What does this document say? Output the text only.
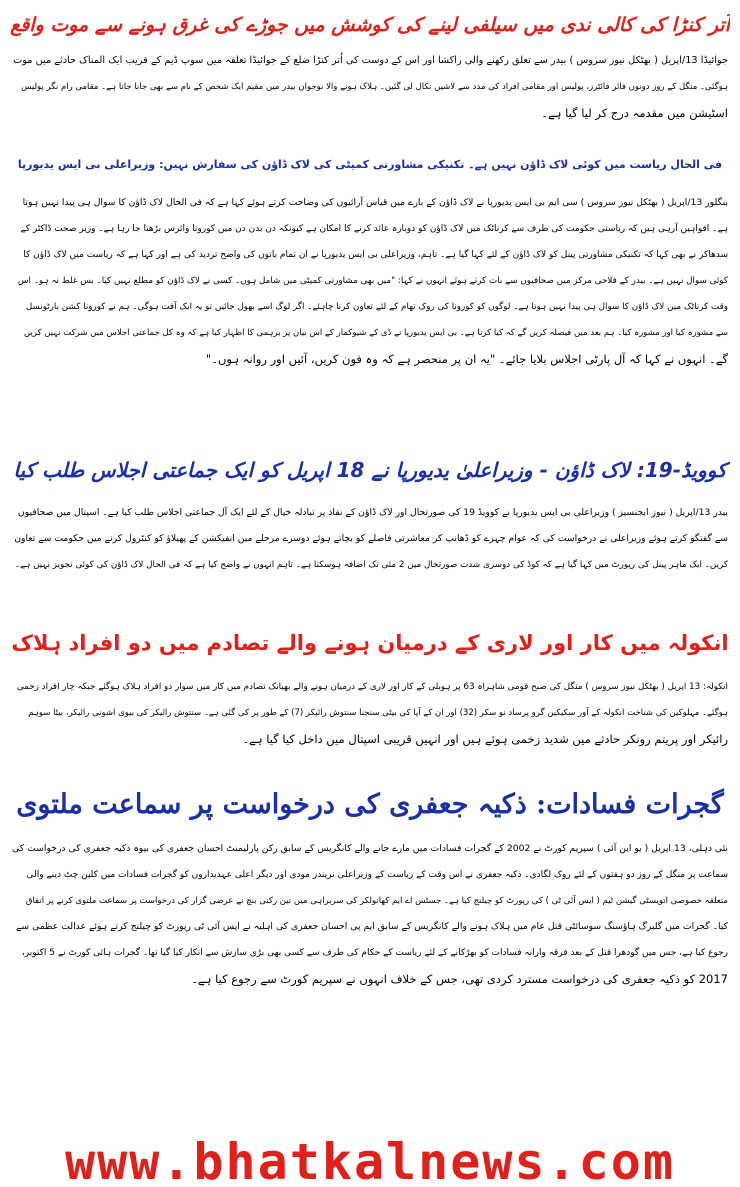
اُتر کنڑا کی کالی ندی میں سیلفی لینے کی کوشش میں جوڑے کی غرق ہونے سے موت واقع
جوائیڈا 13/اپریل ( بھٹکل نیوز سروس ) بیدر سے تعلق رکھنے والی راکشا اور اس کے دوست کی اُتر کنڑا ضلع کے جوائیڈا تعلقہ میں سوپ ڈیم کے قریب ایک المناک حادثے میں موت
ہوگئی۔ منگل کے روز دونوں فائر فائٹرز، پولیس اور مقامی افراد کی مدد سے لاشیں نکال لی گئیں۔ ہلاک ہونے والا نوجوان بیدر میں مقیم ایک شخص کے نام سے بھی جانا جاتا ہے۔ مقامی رام نگر پولیس
اسٹیشن میں مقدمہ درج کر لیا گیا ہے۔
فی الحال ریاست میں کوئی لاک ڈاؤن نہیں ہے۔ تکنیکی مشاورتی کمیٹی کی لاک ڈاؤن کی سفارش نہیں: وزیراعلی بی ایس یدیورپا
بنگلور 13/اپریل ( بھٹکل نیوز سروس ) سی ایم بی ایس یدیورپا نے لاک ڈاؤن کے بارے میں قیاس آرائیوں کی وضاحت کرتے ہوئے کہا ہے کہ فی الحال لاک ڈاؤن کا سوال ہی پیدا نہیں ہوتا
ہے۔ افواہیں آرہی ہیں کہ ریاستی حکومت کی طرف سے کرناٹک میں لاک ڈاؤن کو دوبارہ عائد کرنے کا امکان ہے کیونکہ دن بدن دن میں کورونا وائرس بڑھتا جا رہا ہے۔ وزیر صحت ڈاکٹر کے
سدھاکر نے بھی کہا کہ تکنیکی مشاورتی پینل کو لاک ڈاؤن کے لئے کہا گیا ہے۔ تاہم، وزیراعلی بی ایس یدیورپا نے ان تمام باتوں کی واضح تردید کی ہے اور کہا ہے کہ ریاست میں لاک ڈاؤن کا
کوئی سوال نہیں ہے۔ بیدر کے فلاحی مرکز میں صحافیوں سے بات کرتے ہوئے انہوں نے کہا: "میں بھی مشاورتی کمیٹی میں شامل ہوں۔ کسی نے لاک ڈاؤن کو مطلع نہیں کیا۔ بس غلط نہ ہو۔ اس
وقت کرناٹک میں لاک ڈاؤن کا سوال ہی پیدا نہیں ہوتا ہے۔ لوگوں کو کورونا کی روک تھام کے لئے تعاون کرنا چاہئے۔ اگر لوگ اسے بھول جائیں تو یہ ایک آفت ہوگی۔ ہم نے کورونا کشن بارٹونسل
سے مشورہ کیا اور مشورہ کیا۔ ہم بعد میں فیصلہ کریں گے کہ کیا کرنا ہے۔ بی ایس یدیورپا نے ڈی کے شیوکمار کے اس بیان پر برہمی کا اظہار کیا ہے کہ وہ کل جماعتی اجلاس میں شرکت نہیں کریں
گے۔ انہوں نے کہا کہ آل پارٹی اجلاس بلایا جائے۔ "یہ ان پر منحصر ہے کہ وہ فون کریں، آئیں اور روانہ ہوں۔"
کوویڈ-19: لاک ڈاؤن - وزیراعلیٰ یدیورپا نے 18 اپریل کو ایک جماعتی اجلاس طلب کیا
بیدر 13/اپریل ( نیوز ایجنسیز ) وزیراعلی بی ایس یدیورپا نے کوویڈ 19 کی صورتحال اور لاک ڈاؤن کے نفاذ پر تبادلہ خیال کے لئے ایک آل جماعتی اجلاس طلب کیا ہے۔ اسپتال میں صحافیوں
سے گفتگو کرتے ہوئے وزیراعلی نے درخواست کی کہ عوام چہرے کو ڈھانپ کر معاشرتی فاصلے کو بچاتے ہوئے دوسرے مرحلے میں انفیکشن کے پھیلاؤ کو کنٹرول کرنے میں حکومت سے تعاون
کریں۔ ایک ماہر پینل کی رپورٹ میں کہا گیا ہے کہ کوڈ کی دوسری شدت صورتحال میں 2 مئی تک اضافہ ہوسکتا ہے۔ تاہم انہوں نے واضح کیا ہے کہ فی الحال لاک ڈاؤن کی کوئی تجویز نہیں ہے۔
انکولہ میں کار اور لاری کے درمیان ہونے والے تصادم میں دو افراد ہلاک
انکولہ: 13 اپریل ( بھٹکل نیوز سروس ) منگل کی صبح قومی شاہراہ 63 پر ہوبلی کے کار اور لاری کے درمیان ہونے والے بھیانک تصادم میں کار میں سوار دو افراد ہلاک ہوگئے جبکہ چار افراد زخمی
ہوگئے۔ مہلوکین کی شناخت انکولہ کے آور سکیکین گرو پرساد نو سکر (32) اور ان کے آپا کی بیٹی سنجنا سنتوش رائیکر (7) کے طور پر کی گئی ہے۔ سنتوش رائیکر کی بیوی اشونی رائیکر، بیٹا سوہم
رائیکر اور پریتم رونکر حادثے میں شدید زخمی ہوئے ہیں اور انہیں قریبی اسپتال میں داخل کیا گیا ہے۔
گجرات فسادات: ذکیہ جعفری کی درخواست پر سماعت ملتوی
نئی دہلی، 13 اپریل ( یو این آئی ) سپریم کورٹ نے 2002 کے گجرات فسادات میں مارے جانے والے کانگریس کے سابق رکن پارلیمنٹ احسان جعفری کی بیوہ ذکیہ جعفری کی درخواست کی
سماعت پر منگل کے روز دو ہفتوں کے لئے روک لگادی۔ ذکیہ جعفری نے اس وقت کے ریاست کے وزیراعلی نریندر مودی اور دیگر اعلی عہدیداروں کو گجرات فسادات میں کلین چٹ دینے والی
متعلقہ خصوصی انویسٹی گیشن ٹیم ( ایس آئی ٹی ) کی رپورٹ کو چیلنج کیا ہے۔ جسٹس اے ایم کھانولکر کی سربراہی میں تین رکنی بنچ نے عرضی گزار کی درخواست پر سماعت ملتوی کرنے پر اتفاق
کیا۔ گجرات میں گلبرگ ہاؤسنگ سوسائٹی قتل عام میں ہلاک ہونے والے کانگریس کے سابق ایم پی احسان جعفری کی اہلیہ نے ایس آئی ٹی رپورٹ کو چیلنج کرتے ہوئے عدالت عظمی سے
رجوع کیا ہے، جس میں گودھرا قتل کے بعد فرقہ وارانہ فسادات کو بھڑکانے کے لئے ریاست کے حکام کی طرف سے کسی بھی بڑی سازش سے انکار کیا گیا تھا۔ گجرات ہائی کورٹ نے 5 اکتوبر،
2017 کو ذکیہ جعفری کی درخواست مسترد کردی تھی، جس کے خلاف انہوں نے سپریم کورٹ سے رجوع کیا ہے۔
www.bhatkalnews.com
